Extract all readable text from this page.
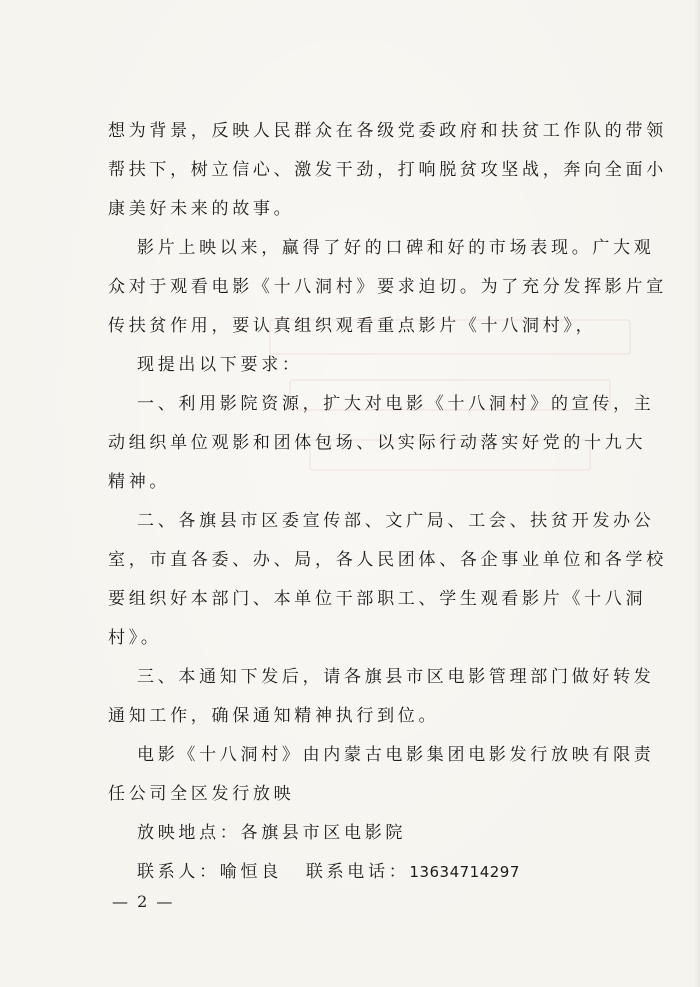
想为背景，反映人民群众在各级党委政府和扶贫工作队的带领
帮扶下，树立信心、激发干劲，打响脱贫攻坚战，奔向全面小
康美好未来的故事。
影片上映以来，赢得了好的口碑和好的市场表现。广大观
众对于观看电影《十八洞村》要求迫切。为了充分发挥影片宣
传扶贫作用，要认真组织观看重点影片《十八洞村》，
现提出以下要求：
一、利用影院资源，扩大对电影《十八洞村》的宣传，主
动组织单位观影和团体包场、以实际行动落实好党的十九大
精神。
二、各旗县市区委宣传部、文广局、工会、扶贫开发办公
室，市直各委、办、局，各人民团体、各企事业单位和各学校
要组织好本部门、本单位干部职工、学生观看影片《十八洞
村》。
三、本通知下发后，请各旗县市区电影管理部门做好转发
通知工作，确保通知精神执行到位。
电影《十八洞村》由内蒙古电影集团电影发行放映有限责
任公司全区发行放映
放映地点：各旗县市区电影院
联系人：喻恒良 联系电话：13634714297
— 2 —
